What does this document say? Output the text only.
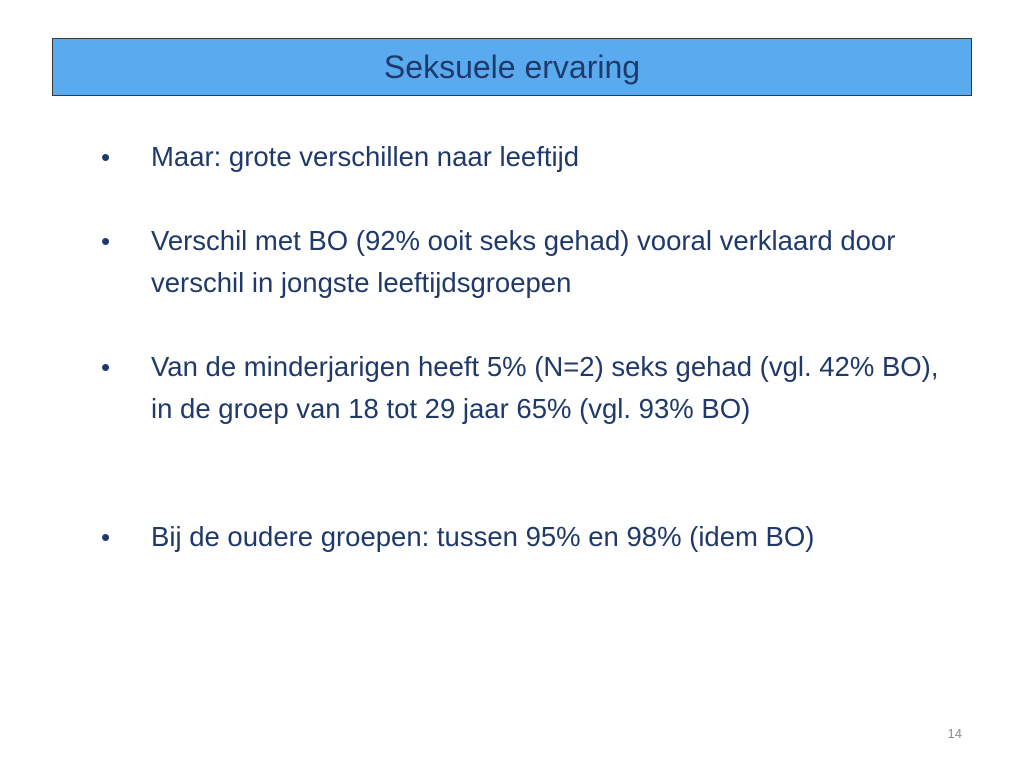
Seksuele ervaring
•	Maar: grote verschillen naar leeftijd
•	Verschil met BO (92% ooit seks gehad) vooral verklaard door verschil in jongste leeftijdsgroepen
•	Van de minderjarigen heeft 5% (N=2) seks gehad (vgl. 42% BO), in de groep van 18 tot 29 jaar 65% (vgl. 93% BO)
•	Bij de oudere groepen: tussen 95% en 98% (idem BO)
14
